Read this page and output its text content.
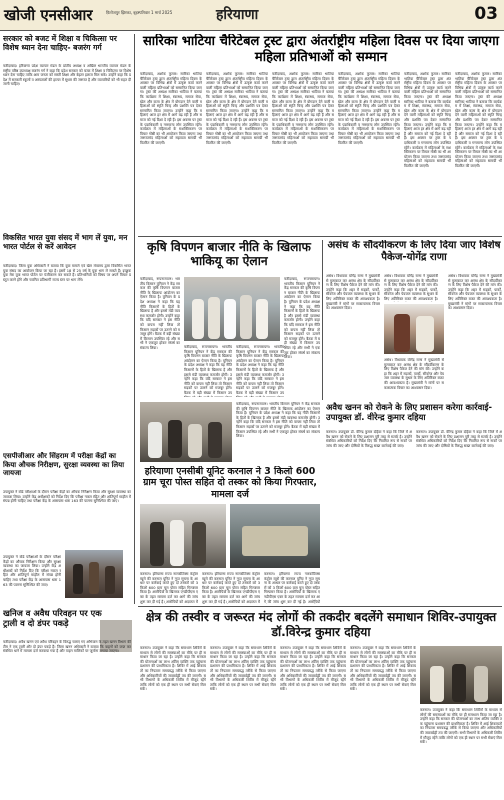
खोजी एनसीआर	फ़िरोजपुर झिरका, बृहस्पतिवार 1 मार्च 2025	हरियाणा	03
सरकार को बजट में शिक्षा व चिकित्सा पर विशेष ध्यान देना चाहिए- बजरंग गर्ग
फरीदाबाद। हरियाणा प्रदेश व्यापार मंडल के प्रांतीय अध्यक्ष व अखिल भारतीय व्यापार मंडल के राष्ट्रीय वरिष्ठ उपाध्यक्ष बजरंग गर्ग ने कहा कि प्रदेश सरकार को बजट में शिक्षा व चिकित्सा पर विशेष ध्यान देना चाहिए ताकि आम जनता को सस्ती शिक्षा और बेहतर इलाज मिल सके। उन्होंने कहा कि प्रदेश में सरकारी स्कूलों व अस्पतालों की हालत में सुधार की जरूरत है और व्यापारियों को भी राहत दी जानी चाहिए।
विकसित भारत युवा संसद में भाग लें युवा, मन भारत पोर्टल से करें आवेदन
फरीदाबाद। जिला युवा अधिकारी ने बताया कि युवा मामले एवं खेल मंत्रालय द्वारा विकसित भारत युवा संसद का आयोजन किया जा रहा है। इसमें 18 से 25 वर्ष के युवा भाग ले सकते हैं। इच्छुक युवा मेरा युवा भारत पोर्टल पर पंजीकरण कर सकते हैं। प्रतिभागियों को विषय पर अपने विचार प्रस्तुत करने होंगे और चयनित प्रतिभागी राज्य स्तर पर भाग लेंगे।
एसपीजीआर और सिंहराम में परीक्षा केंद्रों का किया औचक निरीक्षण, सुरक्षा व्यवस्था का लिया जायजा
उपायुक्त ने बोर्ड परीक्षाओं के दौरान परीक्षा केंद्रों का औचक निरीक्षण किया और सुरक्षा व्यवस्था का जायजा लिया। उन्होंने केंद्र अधीक्षकों को निर्देश दिए कि परीक्षा नकल रहित और शांतिपूर्ण माहौल में संपन्न होनी चाहिए तथा परीक्षा केंद्र के आसपास धारा 163 की पालना सुनिश्चित की जाए।
उपायुक्त ने बोर्ड परीक्षाओं के दौरान परीक्षा केंद्रों का औचक निरीक्षण किया और सुरक्षा व्यवस्था का जायजा लिया। उन्होंने केंद्र अधीक्षकों को निर्देश दिए कि परीक्षा नकल रहित और शांतिपूर्ण माहौल में संपन्न होनी चाहिए तथा परीक्षा केंद्र के आसपास धारा 163 की पालना सुनिश्चित की जाए।
खनिज व अवैध परिवहन पर एक ट्राली व दो डंपर पकड़े
फरीदाबाद। अवैध खनन एवं अवैध परिवहन के विरुद्ध चलाए गए अभियान के तहत खनन विभाग की टीम ने एक ट्राली और दो डंपर पकड़े हैं। जिला खनन अधिकारी ने बताया कि वाहनों को जब्त कर संबंधित थाने में मामला दर्ज करवाया गया है और वाहन मालिकों पर जुर्माना लगाया जाएगा।
सारिका भाटिया चैरिटेबल ट्रस्ट द्वारा अंतर्राष्ट्रीय महिला दिवस पर दिया जाएगा महिला प्रतिभाओं को सम्मान
फरीदाबाद, अशोक कुमार। सारिका भाटिया चैरिटेबल ट्रस्ट द्वारा अंतर्राष्ट्रीय महिला दिवस के अवसर पर विभिन्न क्षेत्रों में उत्कृष्ट कार्य करने वाली महिला प्रतिभाओं को सम्मानित किया जाएगा। ट्रस्ट की अध्यक्ष सारिका भाटिया ने बताया कि कार्यक्रम में शिक्षा, स्वास्थ्य, समाज सेवा, खेल और कला के क्षेत्र में योगदान देने वाली महिलाओं को स्मृति चिन्ह और प्रशस्ति पत्र देकर सम्मानित किया जाएगा। उन्होंने कहा कि महिलाएं आज हर क्षेत्र में आगे बढ़ रही हैं और समाज को नई दिशा दे रही हैं। इस अवसर पर ट्रस्ट के पदाधिकारी व गणमान्य लोग उपस्थित रहेंगे। कार्यक्रम में महिलाओं के सशक्तिकरण पर विचार गोष्ठी का भी आयोजन किया जाएगा तथा जरूरतमंद महिलाओं को सहायता सामग्री भी वितरित की जाएगी।
फरीदाबाद, अशोक कुमार। सारिका भाटिया चैरिटेबल ट्रस्ट द्वारा अंतर्राष्ट्रीय महिला दिवस के अवसर पर विभिन्न क्षेत्रों में उत्कृष्ट कार्य करने वाली महिला प्रतिभाओं को सम्मानित किया जाएगा। ट्रस्ट की अध्यक्ष सारिका भाटिया ने बताया कि कार्यक्रम में शिक्षा, स्वास्थ्य, समाज सेवा, खेल और कला के क्षेत्र में योगदान देने वाली महिलाओं को स्मृति चिन्ह और प्रशस्ति पत्र देकर सम्मानित किया जाएगा। उन्होंने कहा कि महिलाएं आज हर क्षेत्र में आगे बढ़ रही हैं और समाज को नई दिशा दे रही हैं। इस अवसर पर ट्रस्ट के पदाधिकारी व गणमान्य लोग उपस्थित रहेंगे। कार्यक्रम में महिलाओं के सशक्तिकरण पर विचार गोष्ठी का भी आयोजन किया जाएगा तथा जरूरतमंद महिलाओं को सहायता सामग्री भी वितरित की जाएगी।
फरीदाबाद, अशोक कुमार। सारिका भाटिया चैरिटेबल ट्रस्ट द्वारा अंतर्राष्ट्रीय महिला दिवस के अवसर पर विभिन्न क्षेत्रों में उत्कृष्ट कार्य करने वाली महिला प्रतिभाओं को सम्मानित किया जाएगा। ट्रस्ट की अध्यक्ष सारिका भाटिया ने बताया कि कार्यक्रम में शिक्षा, स्वास्थ्य, समाज सेवा, खेल और कला के क्षेत्र में योगदान देने वाली महिलाओं को स्मृति चिन्ह और प्रशस्ति पत्र देकर सम्मानित किया जाएगा। उन्होंने कहा कि महिलाएं आज हर क्षेत्र में आगे बढ़ रही हैं और समाज को नई दिशा दे रही हैं। इस अवसर पर ट्रस्ट के पदाधिकारी व गणमान्य लोग उपस्थित रहेंगे। कार्यक्रम में महिलाओं के सशक्तिकरण पर विचार गोष्ठी का भी आयोजन किया जाएगा तथा जरूरतमंद महिलाओं को सहायता सामग्री भी वितरित की जाएगी।
फरीदाबाद, अशोक कुमार। सारिका भाटिया चैरिटेबल ट्रस्ट द्वारा अंतर्राष्ट्रीय महिला दिवस के अवसर पर विभिन्न क्षेत्रों में उत्कृष्ट कार्य करने वाली महिला प्रतिभाओं को सम्मानित किया जाएगा। ट्रस्ट की अध्यक्ष सारिका भाटिया ने बताया कि कार्यक्रम में शिक्षा, स्वास्थ्य, समाज सेवा, खेल और कला के क्षेत्र में योगदान देने वाली महिलाओं को स्मृति चिन्ह और प्रशस्ति पत्र देकर सम्मानित किया जाएगा। उन्होंने कहा कि महिलाएं आज हर क्षेत्र में आगे बढ़ रही हैं और समाज को नई दिशा दे रही हैं। इस अवसर पर ट्रस्ट के पदाधिकारी व गणमान्य लोग उपस्थित रहेंगे। कार्यक्रम में महिलाओं के सशक्तिकरण पर विचार गोष्ठी का भी आयोजन किया जाएगा तथा जरूरतमंद महिलाओं को सहायता सामग्री भी वितरित की जाएगी।
फरीदाबाद, अशोक कुमार। सारिका भाटिया चैरिटेबल ट्रस्ट द्वारा अंतर्राष्ट्रीय महिला दिवस के अवसर पर विभिन्न क्षेत्रों में उत्कृष्ट कार्य करने वाली महिला प्रतिभाओं को सम्मानित किया जाएगा। ट्रस्ट की अध्यक्ष सारिका भाटिया ने बताया कि कार्यक्रम में शिक्षा, स्वास्थ्य, समाज सेवा, खेल और कला के क्षेत्र में योगदान देने वाली महिलाओं को स्मृति चिन्ह और प्रशस्ति पत्र देकर सम्मानित किया जाएगा। उन्होंने कहा कि महिलाएं आज हर क्षेत्र में आगे बढ़ रही हैं और समाज को नई दिशा दे रही हैं। इस अवसर पर ट्रस्ट के पदाधिकारी व गणमान्य लोग उपस्थित रहेंगे। कार्यक्रम में महिलाओं के सशक्तिकरण पर विचार गोष्ठी का भी आयोजन किया जाएगा तथा जरूरतमंद महिलाओं को सहायता सामग्री भी वितरित की जाएगी।
फरीदाबाद, अशोक कुमार। सारिका भाटिया चैरिटेबल ट्रस्ट द्वारा अंतर्राष्ट्रीय महिला दिवस के अवसर पर विभिन्न क्षेत्रों में उत्कृष्ट कार्य करने वाली महिला प्रतिभाओं को सम्मानित किया जाएगा। ट्रस्ट की अध्यक्ष सारिका भाटिया ने बताया कि कार्यक्रम में शिक्षा, स्वास्थ्य, समाज सेवा, खेल और कला के क्षेत्र में योगदान देने वाली महिलाओं को स्मृति चिन्ह और प्रशस्ति पत्र देकर सम्मानित किया जाएगा। उन्होंने कहा कि महिलाएं आज हर क्षेत्र में आगे बढ़ रही हैं और समाज को नई दिशा दे रही हैं। इस अवसर पर ट्रस्ट के पदाधिकारी व गणमान्य लोग उपस्थित रहेंगे। कार्यक्रम में महिलाओं के सशक्तिकरण पर विचार गोष्ठी का भी आयोजन किया जाएगा तथा जरूरतमंद महिलाओं को सहायता सामग्री भी वितरित की जाएगी।
कृषि विपणन बाजार नीति के खिलाफ भाकियू का ऐलान
फरीदाबाद, रूपनारायण। भारतीय किसान यूनियन ने केंद्र सरकार की कृषि विपणन बाजार नीति के खिलाफ आंदोलन का ऐलान किया है। यूनियन के प्रदेश अध्यक्ष ने कहा कि यह नीति किसानों के हितों के खिलाफ है और इससे मंडी व्यवस्था कमजोर होगी। उन्होंने कहा कि यदि सरकार ने इस नीति को वापस नहीं लिया तो किसान सड़कों पर उतरने को मजबूर होंगे। बैठक में बड़ी संख्या में किसान उपस्थित रहे और सभी ने एकजुट होकर संघर्ष का संकल्प लिया।	फरीदाबाद, रूपनारायण। भारतीय किसान यूनियन ने केंद्र सरकार की कृषि विपणन बाजार नीति के खिलाफ आंदोलन का ऐलान किया है। यूनियन के प्रदेश अध्यक्ष ने कहा कि यह नीति किसानों के हितों के खिलाफ है और इससे मंडी व्यवस्था कमजोर होगी। उन्होंने कहा कि यदि सरकार ने इस नीति को वापस नहीं लिया तो किसान सड़कों पर उतरने को मजबूर होंगे। बैठक में बड़ी संख्या में किसान उप
फरीदाबाद, रूपनारायण। भारतीय किसान यूनियन ने केंद्र सरकार की कृषि विपणन बाजार नीति के खिलाफ आंदोलन का ऐलान किया है। यूनियन के प्रदेश अध्यक्ष ने कहा कि यह नीति किसानों के हितों के खिलाफ है और इससे मंडी व्यवस्था कमजोर होगी। उन्होंने कहा कि यदि सरकार ने इस नीति को वापस नहीं लिया तो किसान सड़कों पर उतरने को मजबूर होंगे। बैठक में बड़ी संख्या में किसान उप
फरीदाबाद, रूपनारायण। भारतीय किसान यूनियन ने केंद्र सरकार की कृषि विपणन बाजार नीति के खिलाफ आंदोलन का ऐलान किया है। यूनियन के प्रदेश अध्यक्ष ने कहा कि यह नीति किसानों के हितों के खिलाफ है और इससे मंडी व्यवस्था कमजोर होगी। उन्होंने कहा कि यदि सरकार ने इस नीति को वापस नहीं लिया तो किसान सड़कों पर उतरने को मजबूर होंगे। बैठक में बड़ी संख्या में किसान उपस्थित रहे और सभी ने एकजुट होकर संघर्ष का संकल्प लिया।
असंध के सौंदर्यीकरण के लिए दिया जाए विशेष पैकेज-योगेंद्र राणा
असंध। विधायक योगेंद्र राणा ने मुख्यमंत्री से मुलाकात कर असंध क्षेत्र के सौंदर्यीकरण के लिए विशेष पैकेज देने की मांग की। उन्होंने कहा कि शहर में सड़कों, पार्कों, सीवरेज और पेयजल व्यवस्था के सुधार के लिए अतिरिक्त बजट की आवश्यकता है। मुख्यमंत्री ने मांगों पर सकारात्मक विचार का आश्वासन दिया।
असंध। विधायक योगेंद्र राणा ने मुख्यमंत्री से मुलाकात कर असंध क्षेत्र के सौंदर्यीकरण के लिए विशेष पैकेज देने की मांग की। उन्होंने कहा कि शहर में सड़कों, पार्कों, सीवरेज और पेयजल व्यवस्था के सुधार के लिए अतिरिक्त बजट की आवश्यकता है।
असंध। विधायक योगेंद्र राणा ने मुख्यमंत्री से मुलाकात कर असंध क्षेत्र के सौंदर्यीकरण के लिए विशेष पैकेज देने की मांग की। उन्होंने कहा कि शहर में सड़कों, पार्कों, सीवरेज और पेयजल व्यवस्था के सुधार के लिए अतिरिक्त बजट की आवश्यकता है। मुख्यमंत्री ने मांगों पर सकारात्मक विचार का आश्वासन दिया।
असंध। विधायक योगेंद्र राणा ने मुख्यमंत्री से मुलाकात कर असंध क्षेत्र के सौंदर्यीकरण के लिए विशेष पैकेज देने की मांग की। उन्होंने कहा कि शहर में सड़कों, पार्कों, सीवरेज और पेयजल व्यवस्था के सुधार के लिए अतिरिक्त बजट की आवश्यकता है। मुख्यमंत्री ने मांगों पर सकारात्मक विचार का आश्वासन दिया।
अवैध खनन को रोकने के लिए प्रशासन करेगा कार्रवाई-उपायुक्त डॉ. वीरेन्द्र कुमार दहिया
करनाल। उपायुक्त डॉ. वीरेन्द्र कुमार दहिया ने कहा कि जिले में अवैध खनन को रोकने के लिए प्रशासन पूरी तरह से सतर्क है। उन्होंने संबंधित अधिकारियों को निर्देश दिए कि नियमित रूप से नाकों पर जांच की जाए और दोषियों के विरुद्ध सख्त कार्रवाई की जाए।
करनाल। उपायुक्त डॉ. वीरेन्द्र कुमार दहिया ने कहा कि जिले में अवैध खनन को रोकने के लिए प्रशासन पूरी तरह से सतर्क है। उन्होंने संबंधित अधिकारियों को निर्देश दिए कि नियमित रूप से नाकों पर जांच की जाए और दोषियों के विरुद्ध सख्त कार्रवाई की जाए।
फरीदाबाद, रूपनारायण। भारतीय किसान यूनियन ने केंद्र सरकार की कृषि विपणन बाजार नीति के खिलाफ आंदोलन का ऐलान किया है। यूनियन के प्रदेश अध्यक्ष ने कहा कि यह नीति किसानों के हितों के खिलाफ है और इससे मंडी व्यवस्था कमजोर होगी। उन्होंने कहा कि यदि सरकार ने इस नीति को वापस नहीं लिया तो किसान सड़कों पर उतरने को मजबूर होंगे। बैठक में बड़ी संख्या में किसान उपस्थित रहे और सभी ने एकजुट होकर संघर्ष का संकल्प लिया।
हरियाणा एनसीबी यूनिट करनाल ने 3 किलो 600 ग्राम चूरा पोस्त सहित दो तस्कर को किया गिरफ्तार, मामला दर्ज
करनाल। हरियाणा राज्य नारकोटिक्स कंट्रोल ब्यूरो की करनाल यूनिट ने गुप्त सूचना के आधार पर कार्रवाई करते हुए दो तस्करों को 3 किलो 600 ग्राम चूरा पोस्त सहित गिरफ्तार किया है। आरोपियों के खिलाफ एनडीपीएस एक्ट के तहत मामला दर्ज कर आगे की जांच शुरू कर दी गई है। आरोपियों को अदालत में
करनाल। हरियाणा राज्य नारकोटिक्स कंट्रोल ब्यूरो की करनाल यूनिट ने गुप्त सूचना के आधार पर कार्रवाई करते हुए दो तस्करों को 3 किलो 600 ग्राम चूरा पोस्त सहित गिरफ्तार किया है। आरोपियों के खिलाफ एनडीपीएस एक्ट के तहत मामला दर्ज कर आगे की जांच शुरू कर दी गई है। आरोपियों को अदालत में
करनाल। हरियाणा राज्य नारकोटिक्स कंट्रोल ब्यूरो की करनाल यूनिट ने गुप्त सूचना के आधार पर कार्रवाई करते हुए दो तस्करों को 3 किलो 600 ग्राम चूरा पोस्त सहित गिरफ्तार किया है। आरोपियों के खिलाफ एनडीपीएस एक्ट के तहत मामला दर्ज कर आगे की जांच शुरू कर दी गई है। आरोपियों
क्षेत्र की तस्वीर व जरूरत मंद लोगों की तकदीर बदलेंगे समाधान शिविर-उपायुक्त डॉ.विरेन्द्र कुमार दहिया
करनाल। उपायुक्त ने कहा कि समाधान शिविरों के माध्यम से लोगों की समस्याओं का मौके पर ही समाधान किया जा रहा है। उन्होंने कहा कि सरकार की योजनाओं का लाभ अंतिम व्यक्ति तक पहुंचाना प्रशासन की प्राथमिकता है। शिविर में आई शिकायतों का निपटारा समयबद्ध तरीके से किया जाएगा और अधिकारियों की जवाबदेही तय की जाएगी। सभी विभागों के अधिकारी शिविर में मौजूद रहेंगे ताकि लोगों को एक ही स्थान पर सभी सेवाएं मिल सकें।
करनाल। उपायुक्त ने कहा कि समाधान शिविरों के माध्यम से लोगों की समस्याओं का मौके पर ही समाधान किया जा रहा है। उन्होंने कहा कि सरकार की योजनाओं का लाभ अंतिम व्यक्ति तक पहुंचाना प्रशासन की प्राथमिकता है। शिविर में आई शिकायतों का निपटारा समयबद्ध तरीके से किया जाएगा और अधिकारियों की जवाबदेही तय की जाएगी। सभी विभागों के अधिकारी शिविर में मौजूद रहेंगे ताकि लोगों को एक ही स्थान पर सभी सेवाएं मिल सकें।
करनाल। उपायुक्त ने कहा कि समाधान शिविरों के माध्यम से लोगों की समस्याओं का मौके पर ही समाधान किया जा रहा है। उन्होंने कहा कि सरकार की योजनाओं का लाभ अंतिम व्यक्ति तक पहुंचाना प्रशासन की प्राथमिकता है। शिविर में आई शिकायतों का निपटारा समयबद्ध तरीके से किया जाएगा और अधिकारियों की जवाबदेही तय की जाएगी। सभी विभागों के अधिकारी शिविर में मौजूद रहेंगे ताकि लोगों को एक ही स्थान पर सभी सेवाएं मिल सकें।
करनाल। उपायुक्त ने कहा कि समाधान शिविरों के माध्यम से लोगों की समस्याओं का मौके पर ही समाधान किया जा रहा है। उन्होंने कहा कि सरकार की योजनाओं का लाभ अंतिम व्यक्ति तक पहुंचाना प्रशासन की प्राथमिकता है। शिविर में आई शिकायतों का निपटारा समयबद्ध तरीके से किया जाएगा और अधिकारियों की जवाबदेही तय की जाएगी। सभी विभागों के अधिकारी शिविर में मौजूद रहेंगे ताकि लोगों को एक ही स्थान पर सभी सेवाएं मिल सकें।
करनाल। उपायुक्त ने कहा कि समाधान शिविरों के माध्यम से लोगों की समस्याओं का मौके पर ही समाधान किया जा रहा है। उन्होंने कहा कि सरकार की योजनाओं का लाभ अंतिम व्यक्ति तक पहुंचाना प्रशासन की प्राथमिकता है। शिविर में आई शिकायतों का निपटारा समयबद्ध तरीके से किया जाएगा और अधिकारियों की जवाबदेही तय की जाएगी। सभी विभागों के अधिकारी शिविर में मौजूद रहेंगे ताकि लोगों को एक ही स्थान पर सभी सेवाएं मिल सकें।
